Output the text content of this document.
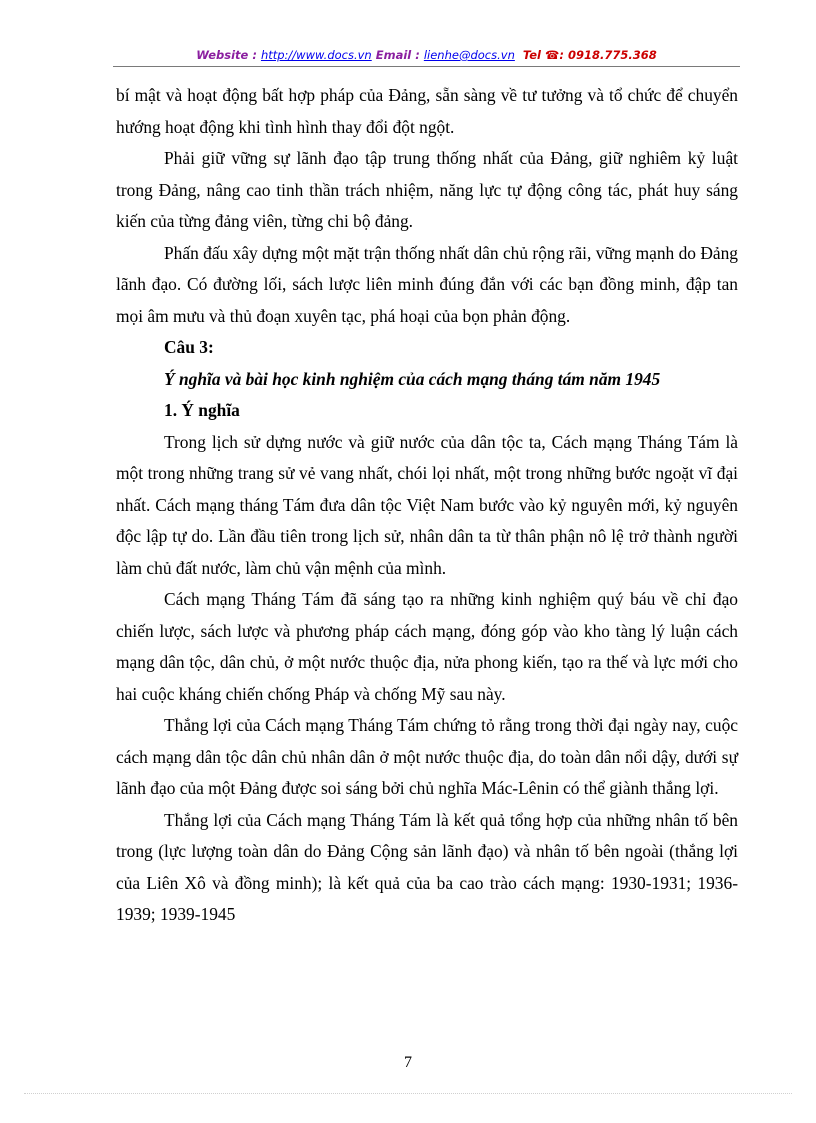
Website : http://www.docs.vn Email : lienhe@docs.vn Tel ☎: 0918.775.368

bí mật và hoạt động bất hợp pháp của Đảng, sẵn sàng về tư tưởng và tổ chức để chuyển hướng hoạt động khi tình hình thay đổi đột ngột.

Phải giữ vững sự lãnh đạo tập trung thống nhất của Đảng, giữ nghiêm kỷ luật trong Đảng, nâng cao tinh thần trách nhiệm, năng lực tự động công tác, phát huy sáng kiến của từng đảng viên, từng chi bộ đảng.

Phấn đấu xây dựng một mặt trận thống nhất dân chủ rộng rãi, vững mạnh do Đảng lãnh đạo. Có đường lối, sách lược liên minh đúng đắn với các bạn đồng minh, đập tan mọi âm mưu và thủ đoạn xuyên tạc, phá hoại của bọn phản động.

Câu 3:

Ý nghĩa và bài học kinh nghiệm của cách mạng tháng tám năm 1945

1. Ý nghĩa

Trong lịch sử dựng nước và giữ nước của dân tộc ta, Cách mạng Tháng Tám là một trong những trang sử vẻ vang nhất, chói lọi nhất, một trong những bước ngoặt vĩ đại nhất. Cách mạng tháng Tám đưa dân tộc Việt Nam bước vào kỷ nguyên mới, kỷ nguyên độc lập tự do. Lần đầu tiên trong lịch sử, nhân dân ta từ thân phận nô lệ trở thành người làm chủ đất nước, làm chủ vận mệnh của mình.

Cách mạng Tháng Tám đã sáng tạo ra những kinh nghiệm quý báu về chỉ đạo chiến lược, sách lược và phương pháp cách mạng, đóng góp vào kho tàng lý luận cách mạng dân tộc, dân chủ, ở một nước thuộc địa, nửa phong kiến, tạo ra thế và lực mới cho hai cuộc kháng chiến chống Pháp và chống Mỹ sau này.

Thắng lợi của Cách mạng Tháng Tám chứng tỏ rằng trong thời đại ngày nay, cuộc cách mạng dân tộc dân chủ nhân dân ở một nước thuộc địa, do toàn dân nổi dậy, dưới sự lãnh đạo của một Đảng được soi sáng bởi chủ nghĩa Mác-Lênin có thể giành thắng lợi.

Thắng lợi của Cách mạng Tháng Tám là kết quả tổng hợp của những nhân tố bên trong (lực lượng toàn dân do Đảng Cộng sản lãnh đạo) và nhân tố bên ngoài (thắng lợi của Liên Xô và đồng minh); là kết quả của ba cao trào cách mạng: 1930-1931; 1936-1939; 1939-1945

7
